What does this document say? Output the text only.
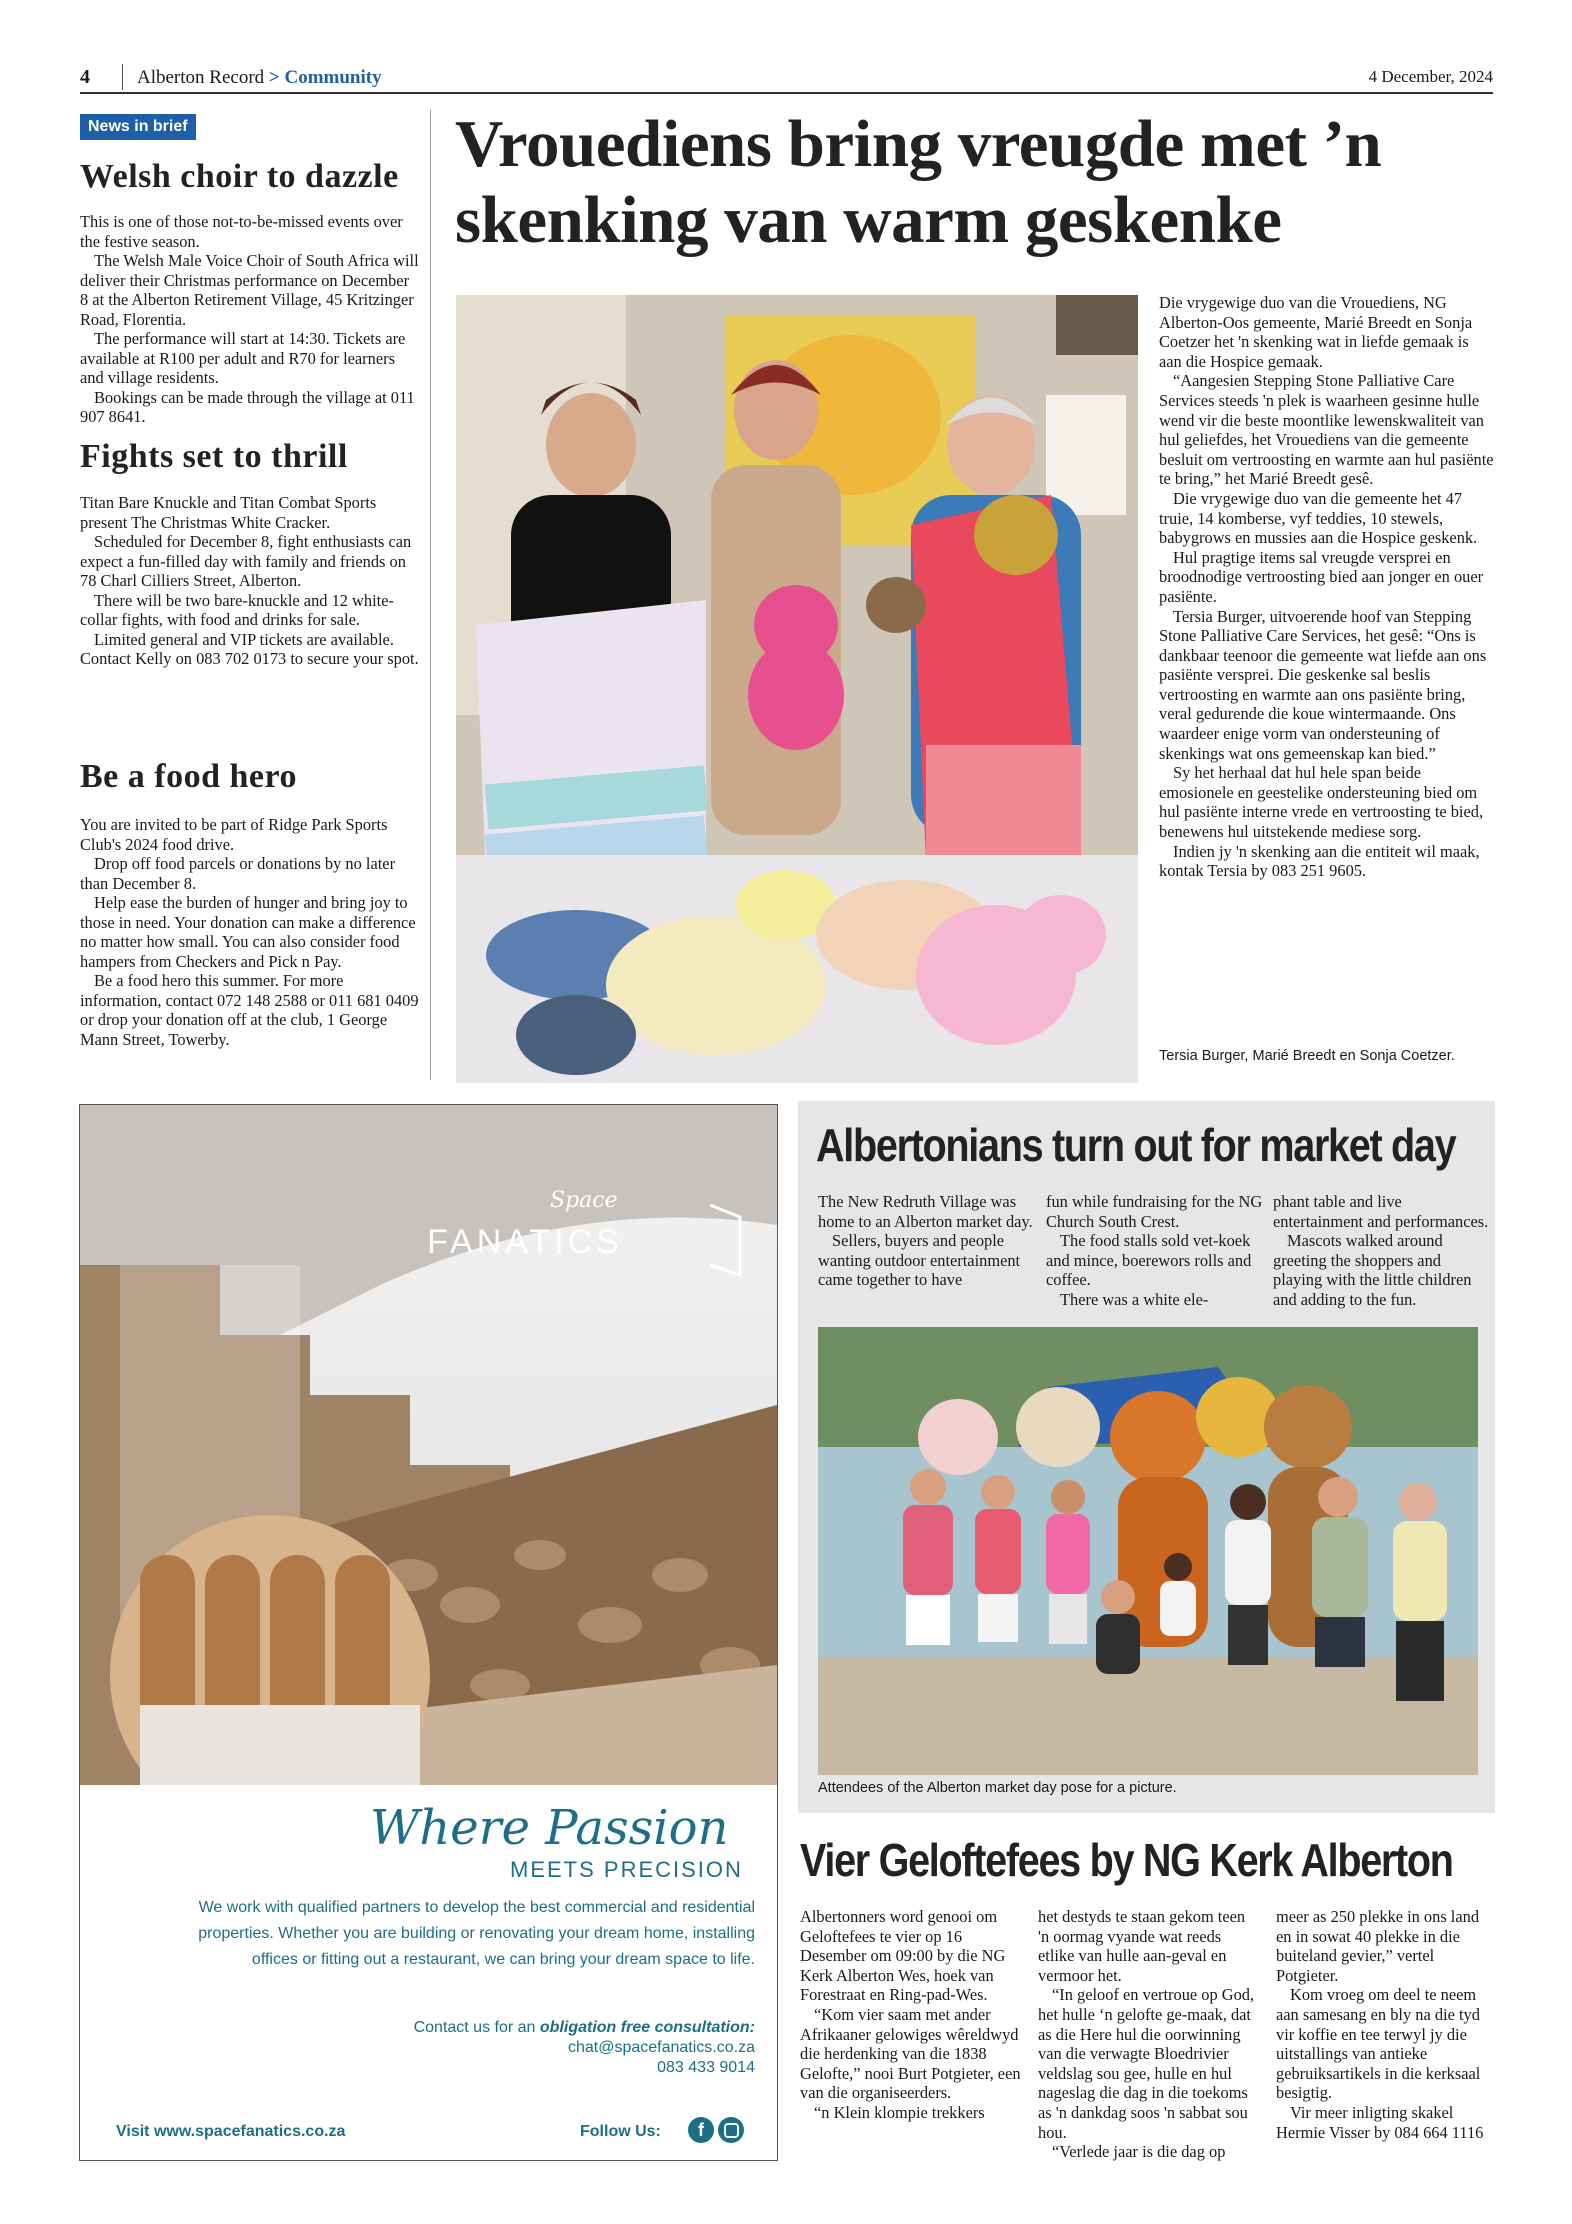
4 Alberton Record > Community	4 December, 2024
News in brief
Welsh choir to dazzle

This is one of those not-to-be-missed events over the festive season.

The Welsh Male Voice Choir of South Africa will deliver their Christmas performance on December 8 at the Alberton Retirement Village, 45 Kritzinger Road, Florentia.

The performance will start at 14:30. Tickets are available at R100 per adult and R70 for learners and village residents.

Bookings can be made through the village at 011 907 8641.

Fights set to thrill

Titan Bare Knuckle and Titan Combat Sports present The Christmas White Cracker.

Scheduled for December 8, fight enthusiasts can expect a fun-filled day with family and friends on 78 Charl Cilliers Street, Alberton.

There will be two bare-knuckle and 12 white-collar fights, with food and drinks for sale.

Limited general and VIP tickets are available. Contact Kelly on 083 702 0173 to secure your spot.

Be a food hero

You are invited to be part of Ridge Park Sports Club's 2024 food drive.

Drop off food parcels or donations by no later than December 8.

Help ease the burden of hunger and bring joy to those in need. Your donation can make a difference no matter how small. You can also consider food hampers from Checkers and Pick n Pay.

Be a food hero this summer. For more information, contact 072 148 2588 or 011 681 0409 or drop your donation off at the club, 1 George Mann Street, Towerby.

Vrouediens bring vreugde met ’n skenking van warm geskenke

Die vrygewige duo van die Vrouediens, NG Alberton-Oos gemeente, Marié Breedt en Sonja Coetzer het 'n skenking wat in liefde gemaak is aan die Hospice gemaak.

“Aangesien Stepping Stone Palliative Care Services steeds 'n plek is waarheen gesinne hulle wend vir die beste moontlike lewenskwaliteit van hul geliefdes, het Vrouediens van die gemeente besluit om vertroosting en warmte aan hul pasiënte te bring,” het Marié Breedt gesê.

Die vrygewige duo van die gemeente het 47 truie, 14 komberse, vyf teddies, 10 stewels, babygrows en mussies aan die Hospice geskenk.

Hul pragtige items sal vreugde versprei en broodnodige vertroosting bied aan jonger en ouer pasiënte.

Tersia Burger, uitvoerende hoof van Stepping Stone Palliative Care Services, het gesê: “Ons is dankbaar teenoor die gemeente wat liefde aan ons pasiënte versprei. Die geskenke sal beslis vertroosting en warmte aan ons pasiënte bring, veral gedurende die koue wintermaande. Ons waardeer enige vorm van ondersteuning of skenkings wat ons gemeenskap kan bied.”

Sy het herhaal dat hul hele span beide emosionele en geestelike ondersteuning bied om hul pasiënte interne vrede en vertroosting te bied, benewens hul uitstekende mediese sorg.

Indien jy 'n skenking aan die entiteit wil maak, kontak Tersia by 083 251 9605.

Tersia Burger, Marié Breedt en Sonja Coetzer.
Space
FANATICS
Where Passion
MEETS PRECISION
We work with qualified partners to develop the best commercial and residential properties. Whether you are building or renovating your dream home, installing offices or fitting out a restaurant, we can bring your dream space to life.
Contact us for an obligation free consultation:
chat@spacefanatics.co.za
083 433 9014
Visit www.spacefanatics.co.za	Follow Us:	f
Albertonians turn out for market day

The New Redruth Village was home to an Alberton market day.

Sellers, buyers and people wanting outdoor entertainment came together to have

fun while fundraising for the NG Church South Crest.

The food stalls sold vet-koek and mince, boerewors rolls and coffee.

There was a white ele-

phant table and live entertainment and performances.

Mascots walked around greeting the shoppers and playing with the little children and adding to the fun.

Attendees of the Alberton market day pose for a picture.
Vier Geloftefees by NG Kerk Alberton

Albertonners word genooi om Geloftefees te vier op 16 Desember om 09:00 by die NG Kerk Alberton Wes, hoek van Forestraat en Ring-pad-Wes.

“Kom vier saam met ander Afrikaaner gelowiges wêreldwyd die herdenking van die 1838 Gelofte,” nooi Burt Potgieter, een van die organiseerders.

“n Klein klompie trekkers

het destyds te staan gekom teen 'n oormag vyande wat reeds etlike van hulle aan-geval en vermoor het.

“In geloof en vertroue op God, het hulle ‘n gelofte ge-maak, dat as die Here hul die oorwinning van die verwagte Bloedrivier veldslag sou gee, hulle en hul nageslag die dag in die toekoms as 'n dankdag soos 'n sabbat sou hou.

“Verlede jaar is die dag op

meer as 250 plekke in ons land en in sowat 40 plekke in die buiteland gevier,” vertel Potgieter.

Kom vroeg om deel te neem aan samesang en bly na die tyd vir koffie en tee terwyl jy die uitstallings van antieke gebruiksartikels in die kerksaal besigtig.

Vir meer inligting skakel Hermie Visser by 084 664 1116
